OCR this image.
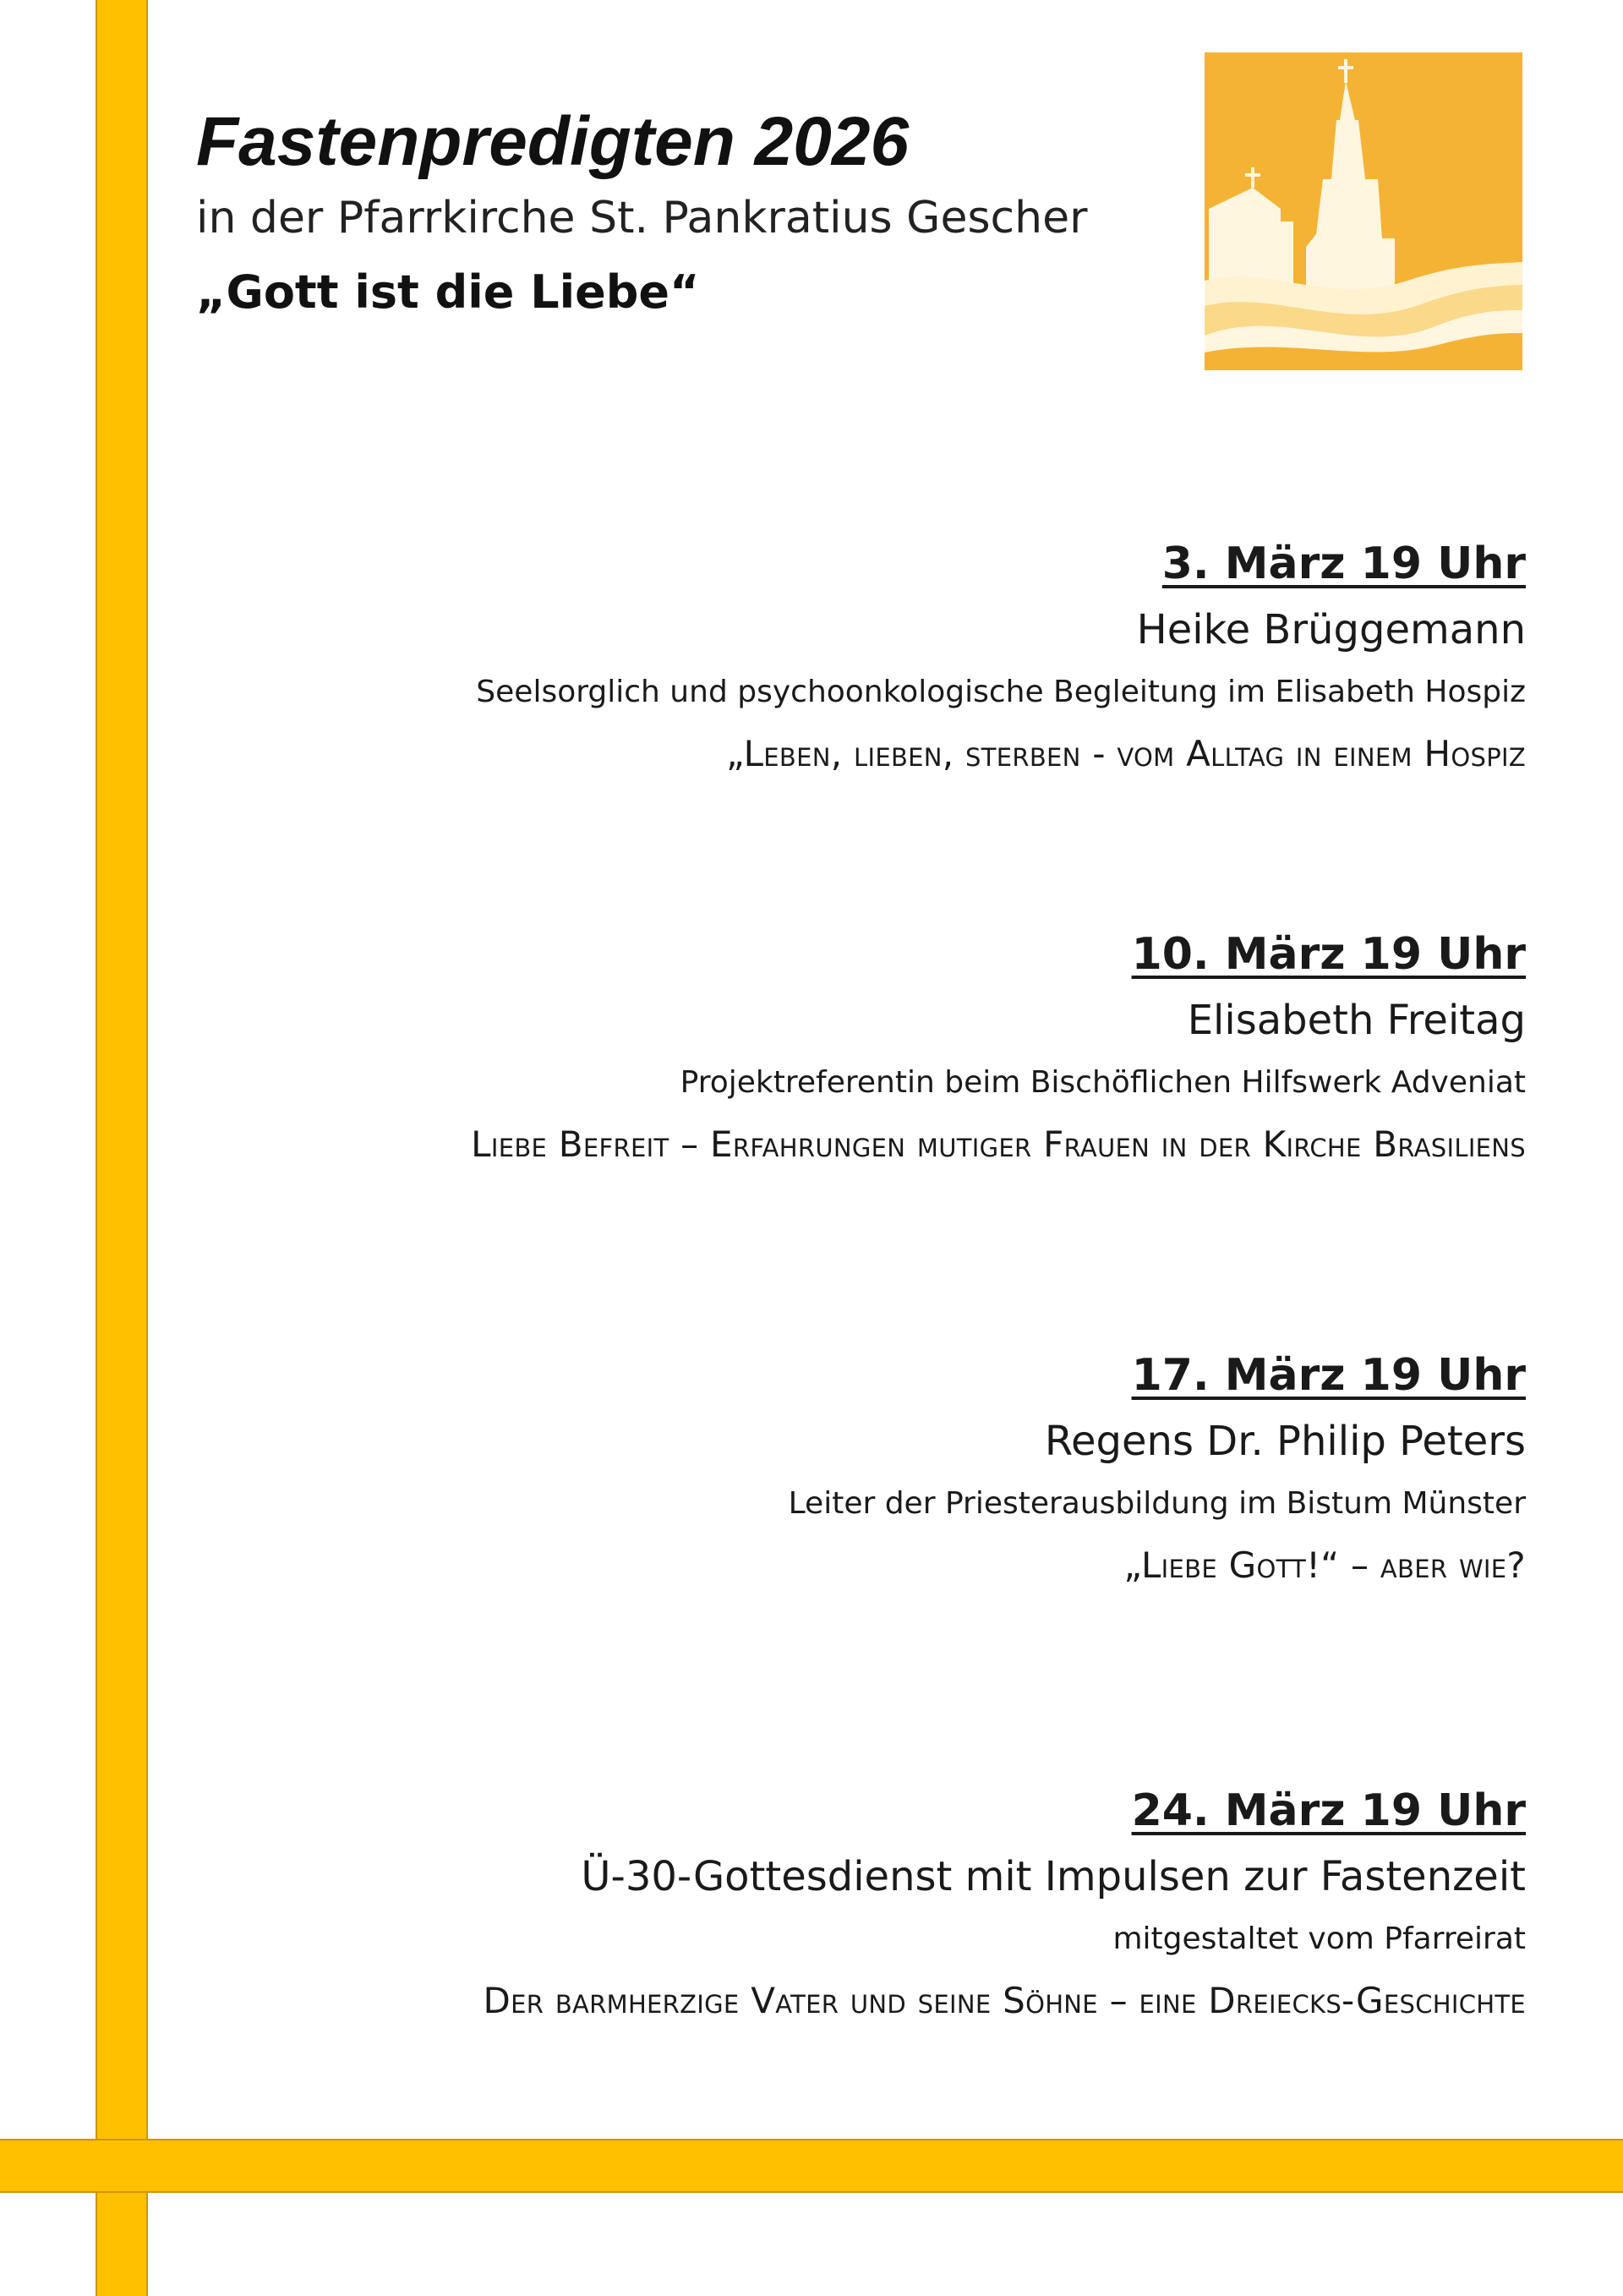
Fastenpredigten 2026
in der Pfarrkirche St. Pankratius Gescher
„Gott ist die Liebe“
3. März 19 Uhr
Heike Brüggemann
Seelsorglich und psychoonkologische Begleitung im Elisabeth Hospiz
„Leben, lieben, sterben - vom Alltag in einem Hospiz
10. März 19 Uhr
Elisabeth Freitag
Projektreferentin beim Bischöflichen Hilfswerk Adveniat
Liebe Befreit – Erfahrungen mutiger Frauen in der Kirche Brasiliens
17. März 19 Uhr
Regens Dr. Philip Peters
Leiter der Priesterausbildung im Bistum Münster
„Liebe Gott!“ – aber wie?
24. März 19 Uhr
Ü-30-Gottesdienst mit Impulsen zur Fastenzeit
mitgestaltet vom Pfarreirat
Der barmherzige Vater und seine Söhne – eine Dreiecks-Geschichte
